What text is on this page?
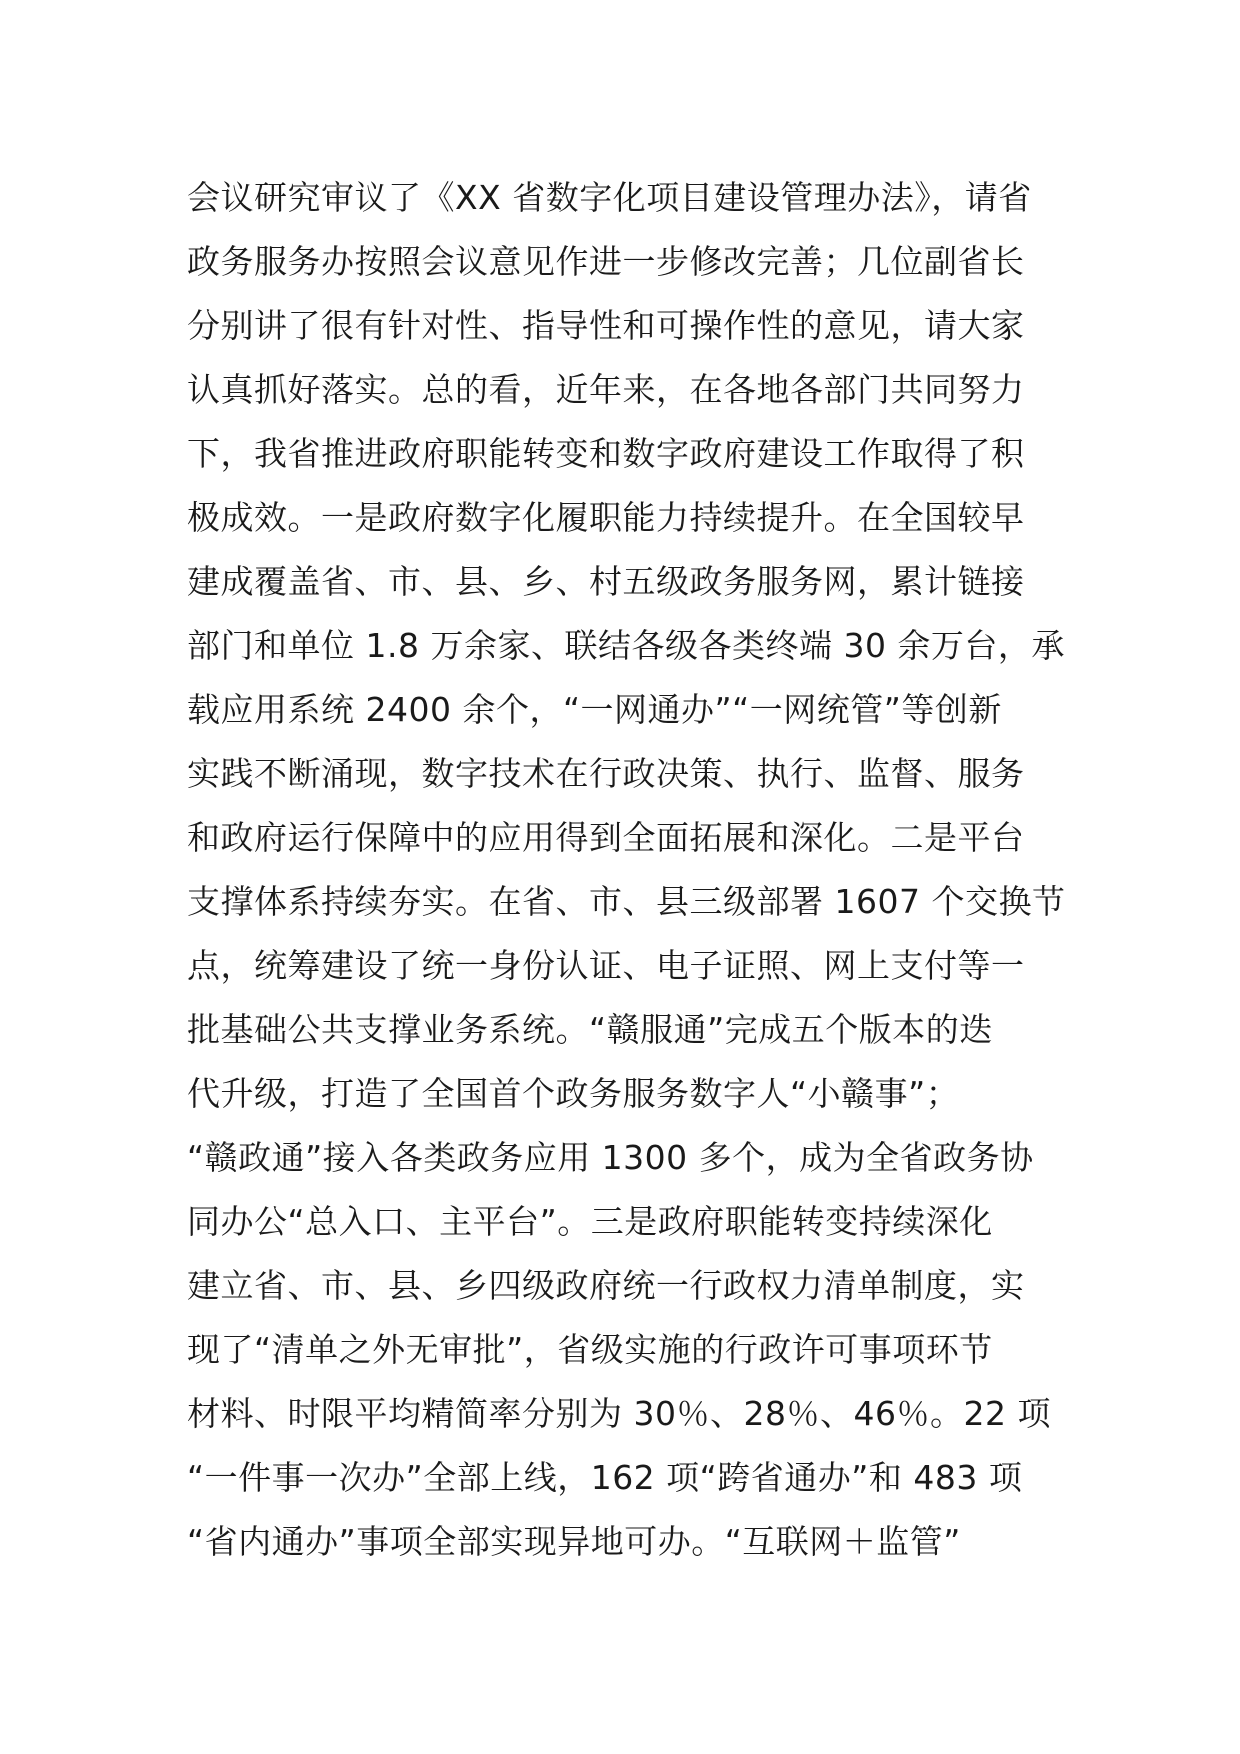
会议研究审议了《XX 省数字化项目建设管理办法》，请省
政务服务办按照会议意见作进一步修改完善；几位副省长
分别讲了很有针对性、指导性和可操作性的意见，请大家
认真抓好落实。总的看，近年来，在各地各部门共同努力
下，我省推进政府职能转变和数字政府建设工作取得了积
极成效。一是政府数字化履职能力持续提升。在全国较早
建成覆盖省、市、县、乡、村五级政务服务网，累计链接
部门和单位 1.8 万余家、联结各级各类终端 30 余万台，承
载应用系统 2400 余个，“一网通办”“一网统管”等创新
实践不断涌现，数字技术在行政决策、执行、监督、服务
和政府运行保障中的应用得到全面拓展和深化。二是平台
支撑体系持续夯实。在省、市、县三级部署 1607 个交换节
点，统筹建设了统一身份认证、电子证照、网上支付等一
批基础公共支撑业务系统。“赣服通”完成五个版本的迭
代升级，打造了全国首个政务服务数字人“小赣事”；
“赣政通”接入各类政务应用 1300 多个，成为全省政务协
同办公“总入口、主平台”。三是政府职能转变持续深化
建立省、市、县、乡四级政府统一行政权力清单制度，实
现了“清单之外无审批”，省级实施的行政许可事项环节
材料、时限平均精简率分别为 30％、28％、46％。22 项
“一件事一次办”全部上线，162 项“跨省通办”和 483 项
“省内通办”事项全部实现异地可办。“互联网＋监管”
